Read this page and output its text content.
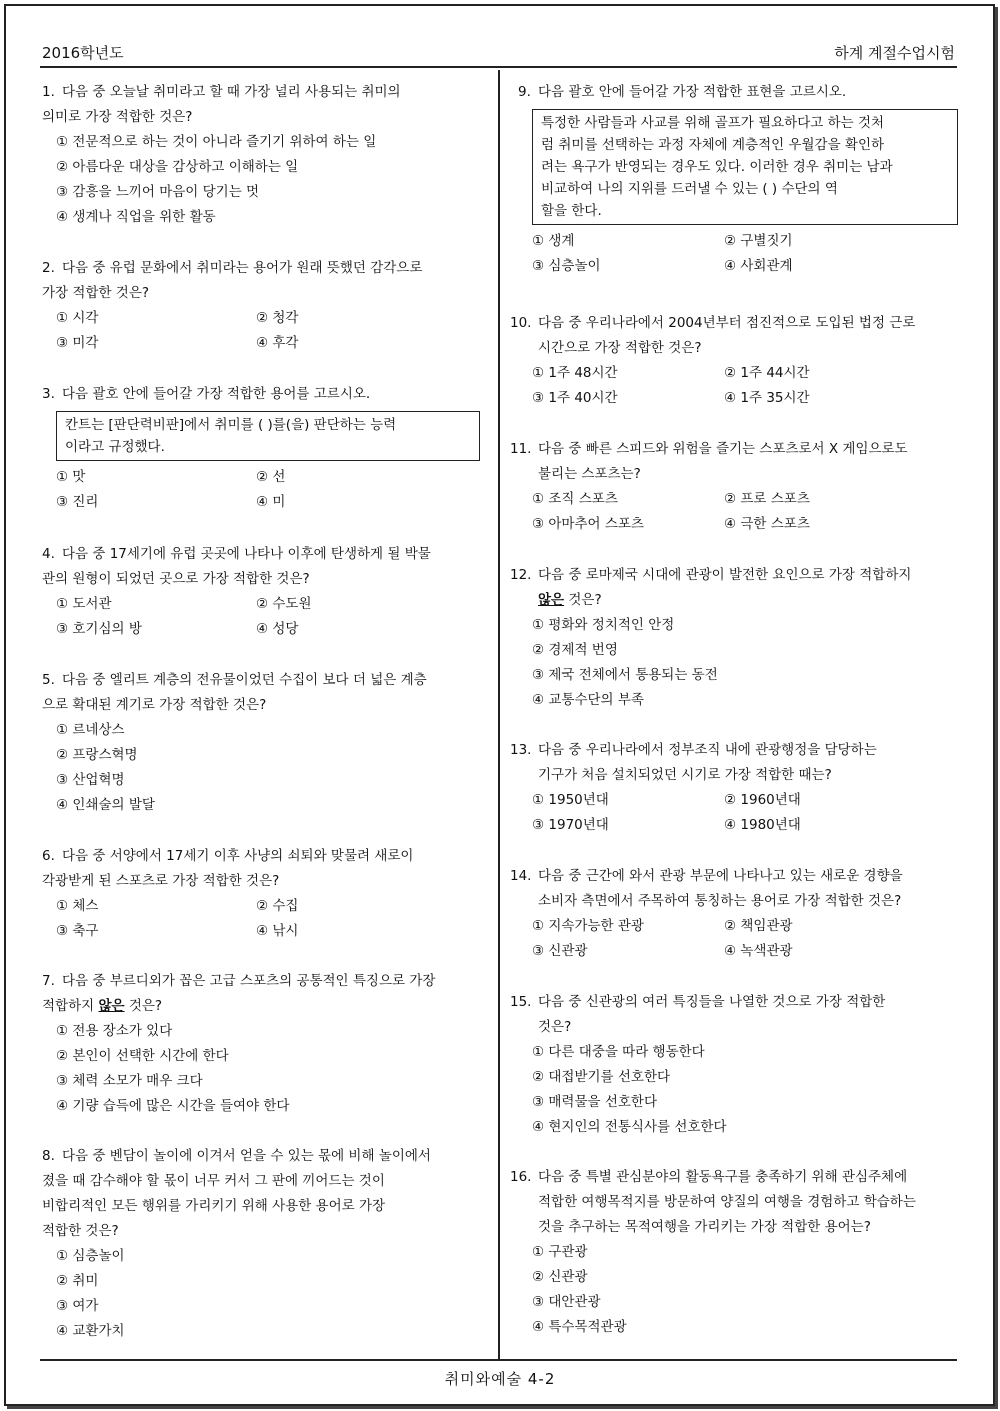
2016학년도	하계 계절수업시험
1. 다음 중 오늘날 취미라고 할 때 가장 널리 사용되는 취미의
의미로 가장 적합한 것은?
① 전문적으로 하는 것이 아니라 즐기기 위하여 하는 일
② 아름다운 대상을 감상하고 이해하는 일
③ 감흥을 느끼어 마음이 당기는 멋
④ 생계나 직업을 위한 활동
2. 다음 중 유럽 문화에서 취미라는 용어가 원래 뜻했던 감각으로
가장 적합한 것은?
① 시각	② 청각
③ 미각	④ 후각
3. 다음 괄호 안에 들어갈 가장 적합한 용어를 고르시오.
칸트는 [판단력비판]에서 취미를 ( )를(을) 판단하는 능력
이라고 규정했다.
① 맛	② 선
③ 진리	④ 미
4. 다음 중 17세기에 유럽 곳곳에 나타나 이후에 탄생하게 될 박물
관의 원형이 되었던 곳으로 가장 적합한 것은?
① 도서관	② 수도원
③ 호기심의 방	④ 성당
5. 다음 중 엘리트 계층의 전유물이었던 수집이 보다 더 넓은 계층
으로 확대된 계기로 가장 적합한 것은?
① 르네상스
② 프랑스혁명
③ 산업혁명
④ 인쇄술의 발달
6. 다음 중 서양에서 17세기 이후 사냥의 쇠퇴와 맞물려 새로이
각광받게 된 스포츠로 가장 적합한 것은?
① 체스	② 수집
③ 축구	④ 낚시
7. 다음 중 부르디외가 꼽은 고급 스포츠의 공통적인 특징으로 가장
적합하지 않은 것은?
① 전용 장소가 있다
② 본인이 선택한 시간에 한다
③ 체력 소모가 매우 크다
④ 기량 습득에 많은 시간을 들여야 한다
8. 다음 중 벤담이 놀이에 이겨서 얻을 수 있는 몫에 비해 놀이에서
졌을 때 감수해야 할 몫이 너무 커서 그 판에 끼어드는 것이
비합리적인 모든 행위를 가리키기 위해 사용한 용어로 가장
적합한 것은?
① 심층놀이
② 취미
③ 여가
④ 교환가치
9. 다음 괄호 안에 들어갈 가장 적합한 표현을 고르시오.
특정한 사람들과 사교를 위해 골프가 필요하다고 하는 것처
럼 취미를 선택하는 과정 자체에 계층적인 우월감을 확인하
려는 욕구가 반영되는 경우도 있다. 이러한 경우 취미는 남과
비교하여 나의 지위를 드러낼 수 있는 ( ) 수단의 역
할을 한다.
① 생계	② 구별짓기
③ 심층놀이	④ 사회관계
10. 다음 중 우리나라에서 2004년부터 점진적으로 도입된 법정 근로
시간으로 가장 적합한 것은?
① 1주 48시간	② 1주 44시간
③ 1주 40시간	④ 1주 35시간
11. 다음 중 빠른 스피드와 위험을 즐기는 스포츠로서 X 게임으로도
불리는 스포츠는?
① 조직 스포츠	② 프로 스포츠
③ 아마추어 스포츠	④ 극한 스포츠
12. 다음 중 로마제국 시대에 관광이 발전한 요인으로 가장 적합하지
않은 것은?
① 평화와 정치적인 안정
② 경제적 번영
③ 제국 전체에서 통용되는 동전
④ 교통수단의 부족
13. 다음 중 우리나라에서 정부조직 내에 관광행정을 담당하는
기구가 처음 설치되었던 시기로 가장 적합한 때는?
① 1950년대	② 1960년대
③ 1970년대	④ 1980년대
14. 다음 중 근간에 와서 관광 부문에 나타나고 있는 새로운 경향을
소비자 측면에서 주목하여 통칭하는 용어로 가장 적합한 것은?
① 지속가능한 관광	② 책임관광
③ 신관광	④ 녹색관광
15. 다음 중 신관광의 여러 특징들을 나열한 것으로 가장 적합한
것은?
① 다른 대중을 따라 행동한다
② 대접받기를 선호한다
③ 매력물을 선호한다
④ 현지인의 전통식사를 선호한다
16. 다음 중 특별 관심분야의 활동욕구를 충족하기 위해 관심주체에
적합한 여행목적지를 방문하여 양질의 여행을 경험하고 학습하는
것을 추구하는 목적여행을 가리키는 가장 적합한 용어는?
① 구관광
② 신관광
③ 대안관광
④ 특수목적관광
취미와예술 4-2
